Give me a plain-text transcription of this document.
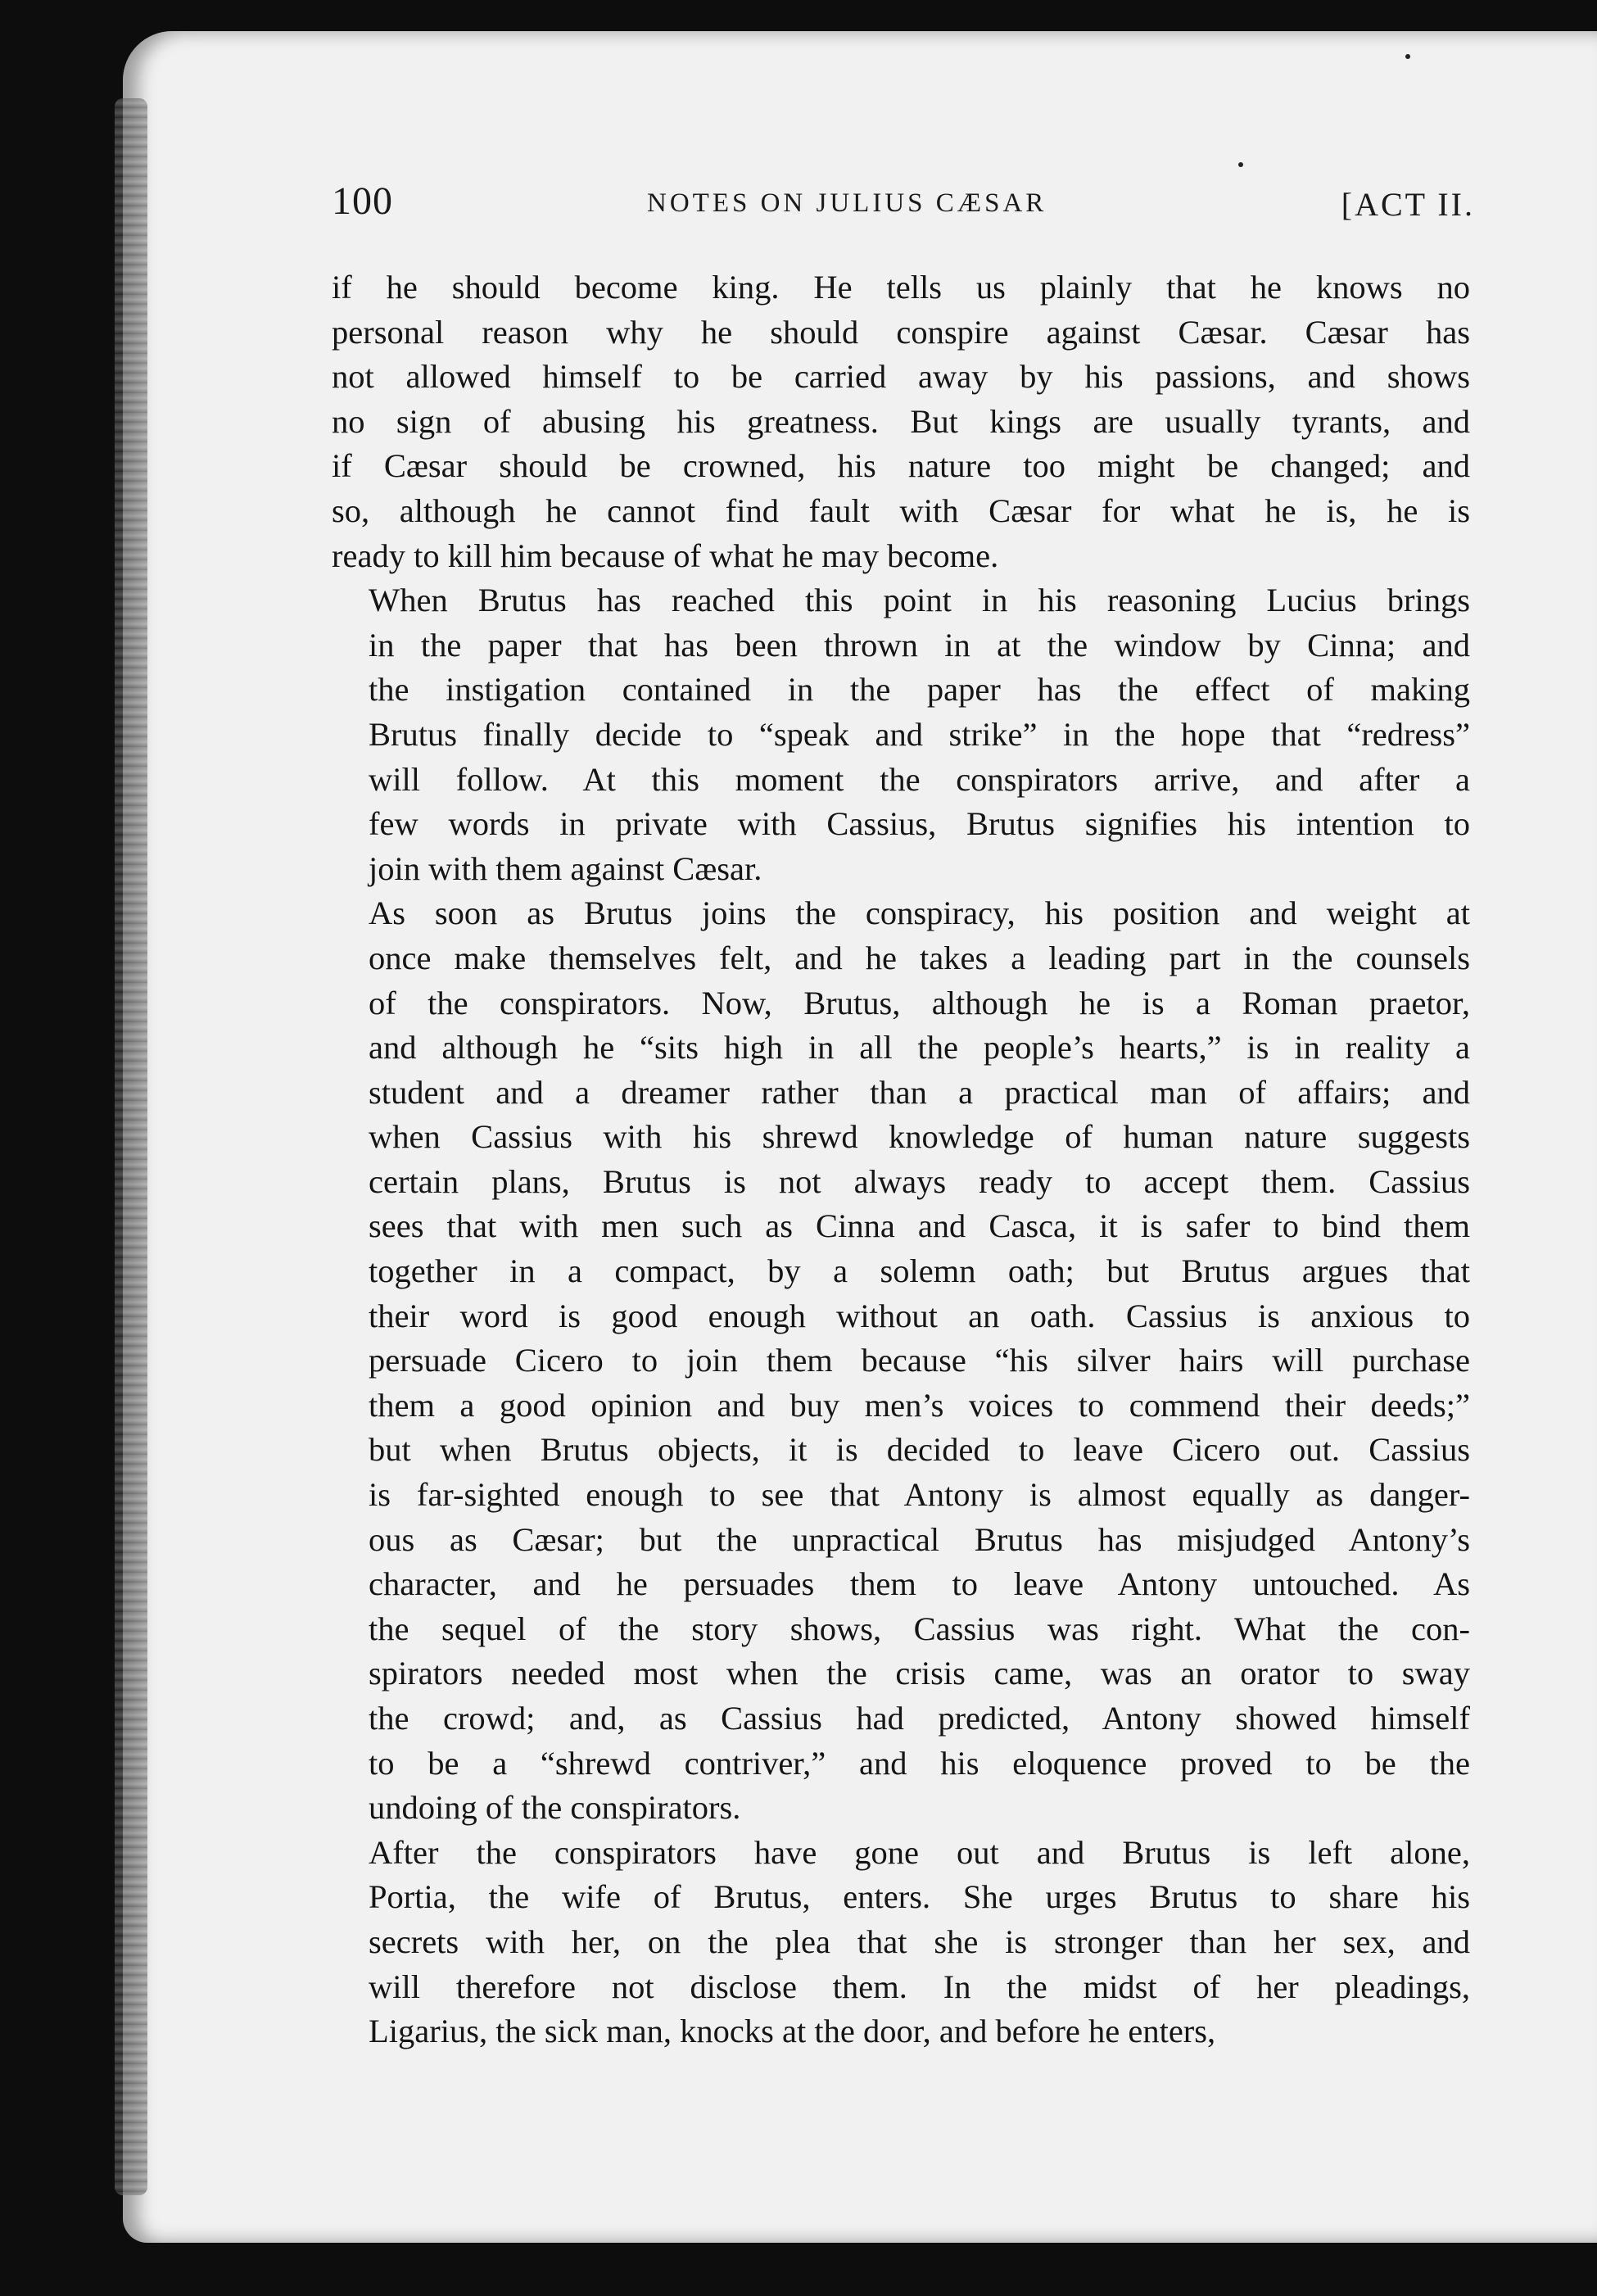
100	NOTES ON JULIUS CÆSAR	[ACT II.
if he should become king. He tells us plainly that he knows no
personal reason why he should conspire against Cæsar. Cæsar has
not allowed himself to be carried away by his passions, and shows
no sign of abusing his greatness. But kings are usually tyrants, and
if Cæsar should be crowned, his nature too might be changed; and
so, although he cannot find fault with Cæsar for what he is, he is
ready to kill him because of what he may become.
When Brutus has reached this point in his reasoning Lucius brings
in the paper that has been thrown in at the window by Cinna; and
the instigation contained in the paper has the effect of making
Brutus finally decide to “speak and strike” in the hope that “redress”
will follow. At this moment the conspirators arrive, and after a
few words in private with Cassius, Brutus signifies his intention to
join with them against Cæsar.
As soon as Brutus joins the conspiracy, his position and weight at
once make themselves felt, and he takes a leading part in the counsels
of the conspirators. Now, Brutus, although he is a Roman praetor,
and although he “sits high in all the people’s hearts,” is in reality a
student and a dreamer rather than a practical man of affairs; and
when Cassius with his shrewd knowledge of human nature suggests
certain plans, Brutus is not always ready to accept them. Cassius
sees that with men such as Cinna and Casca, it is safer to bind them
together in a compact, by a solemn oath; but Brutus argues that
their word is good enough without an oath. Cassius is anxious to
persuade Cicero to join them because “his silver hairs will purchase
them a good opinion and buy men’s voices to commend their deeds;”
but when Brutus objects, it is decided to leave Cicero out. Cassius
is far-sighted enough to see that Antony is almost equally as danger-
ous as Cæsar; but the unpractical Brutus has misjudged Antony’s
character, and he persuades them to leave Antony untouched. As
the sequel of the story shows, Cassius was right. What the con-
spirators needed most when the crisis came, was an orator to sway
the crowd; and, as Cassius had predicted, Antony showed himself
to be a “shrewd contriver,” and his eloquence proved to be the
undoing of the conspirators.
After the conspirators have gone out and Brutus is left alone,
Portia, the wife of Brutus, enters. She urges Brutus to share his
secrets with her, on the plea that she is stronger than her sex, and
will therefore not disclose them. In the midst of her pleadings,
Ligarius, the sick man, knocks at the door, and before he enters,
